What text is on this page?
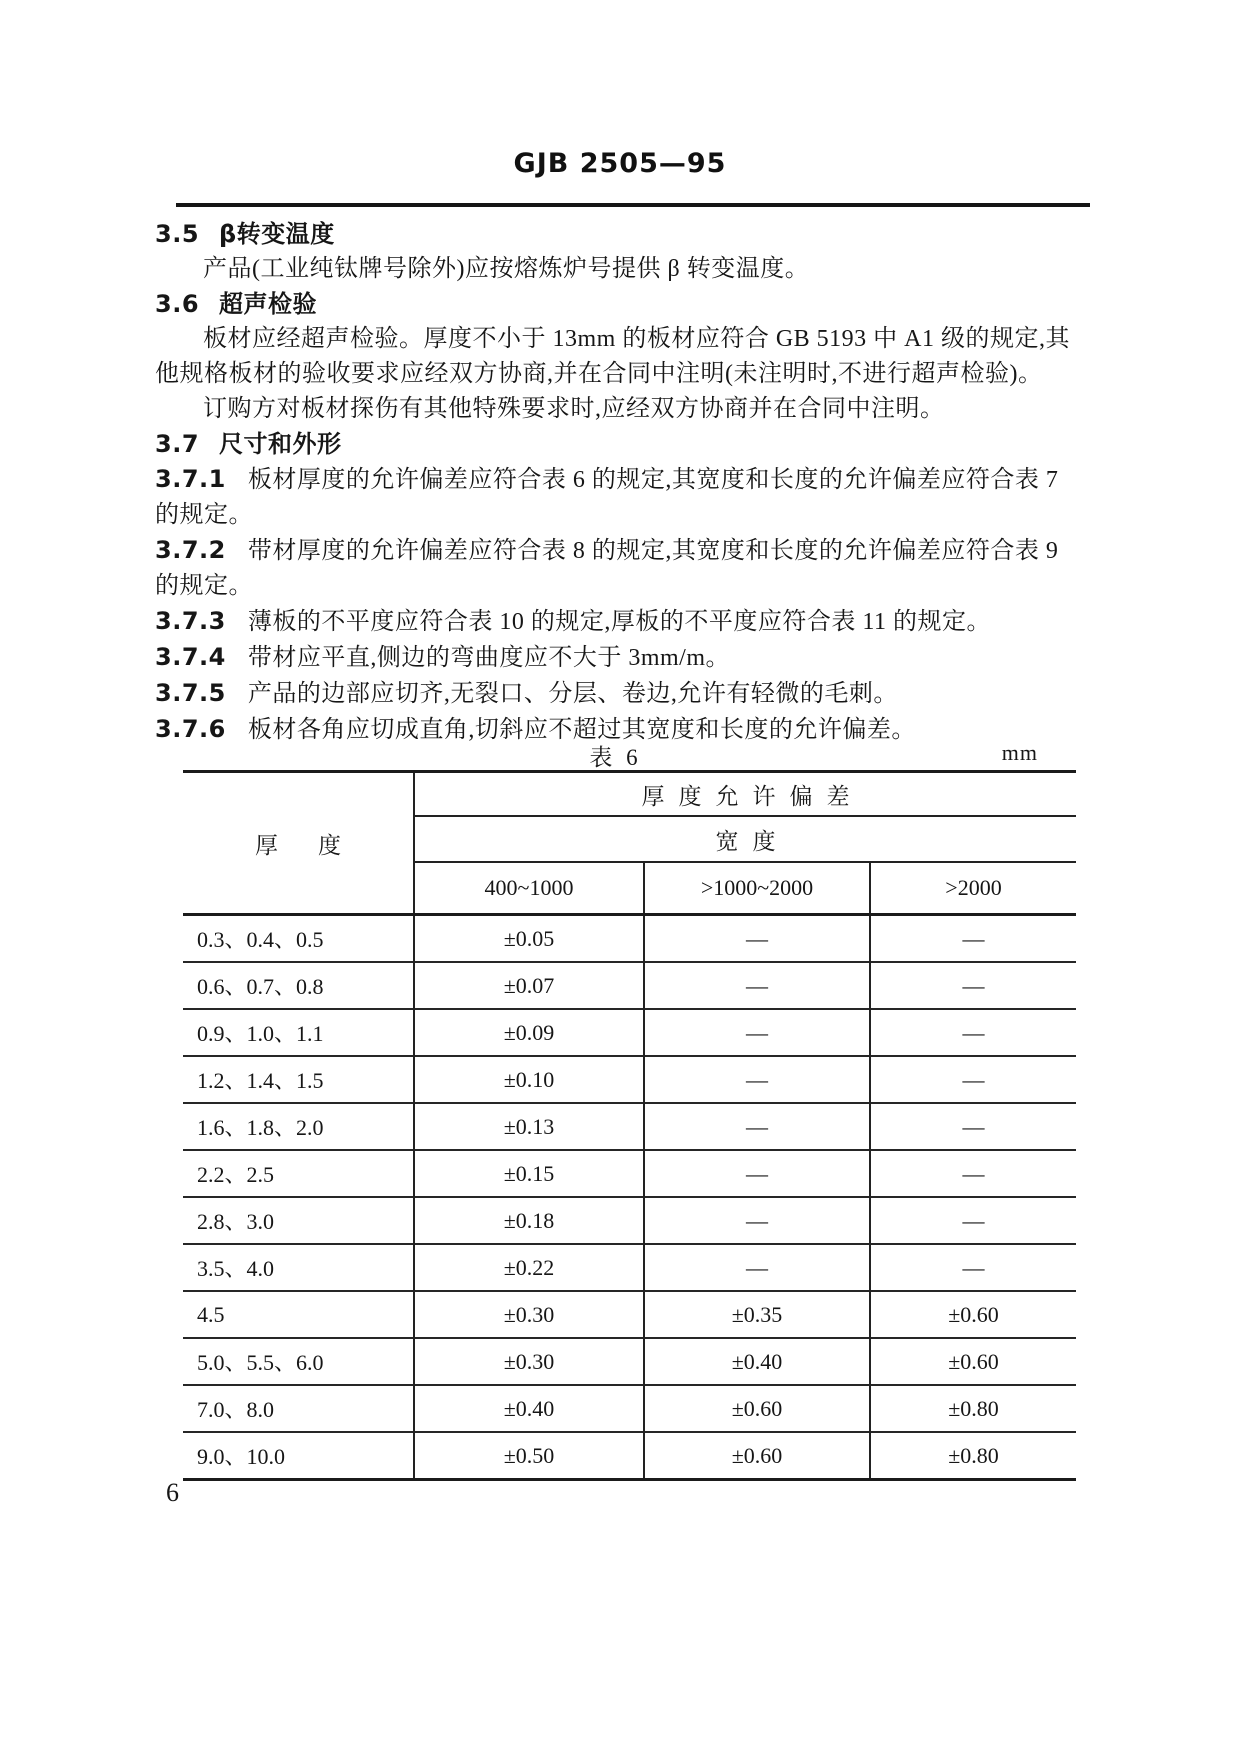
GJB 2505—95
3.5 β转变温度
产品(工业纯钛牌号除外)应按熔炼炉号提供 β 转变温度。
3.6 超声检验
板材应经超声检验。厚度不小于 13mm 的板材应符合 GB 5193 中 A1 级的规定,其他规格板材的验收要求应经双方协商,并在合同中注明(未注明时,不进行超声检验)。
订购方对板材探伤有其他特殊要求时,应经双方协商并在合同中注明。
3.7 尺寸和外形
3.7.1 板材厚度的允许偏差应符合表 6 的规定,其宽度和长度的允许偏差应符合表 7 的规定。
3.7.2 带材厚度的允许偏差应符合表 8 的规定,其宽度和长度的允许偏差应符合表 9 的规定。
3.7.3 薄板的不平度应符合表 10 的规定,厚板的不平度应符合表 11 的规定。
3.7.4 带材应平直,侧边的弯曲度应不大于 3mm/m。
3.7.5 产品的边部应切齐,无裂口、分层、卷边,允许有轻微的毛刺。
3.7.6 板材各角应切成直角,切斜应不超过其宽度和长度的允许偏差。
表 6	mm
厚度	厚度允许偏差		
	宽度		
	400~1000	>1000~2000	>2000
0.3、0.4、0.5	±0.05	—	—
0.6、0.7、0.8	±0.07	—	—
0.9、1.0、1.1	±0.09	—	—
1.2、1.4、1.5	±0.10	—	—
1.6、1.8、2.0	±0.13	—	—
2.2、2.5	±0.15	—	—
2.8、3.0	±0.18	—	—
3.5、4.0	±0.22	—	—
4.5	±0.30	±0.35	±0.60
5.0、5.5、6.0	±0.30	±0.40	±0.60
7.0、8.0	±0.40	±0.60	±0.80
9.0、10.0	±0.50	±0.60	±0.80
6
